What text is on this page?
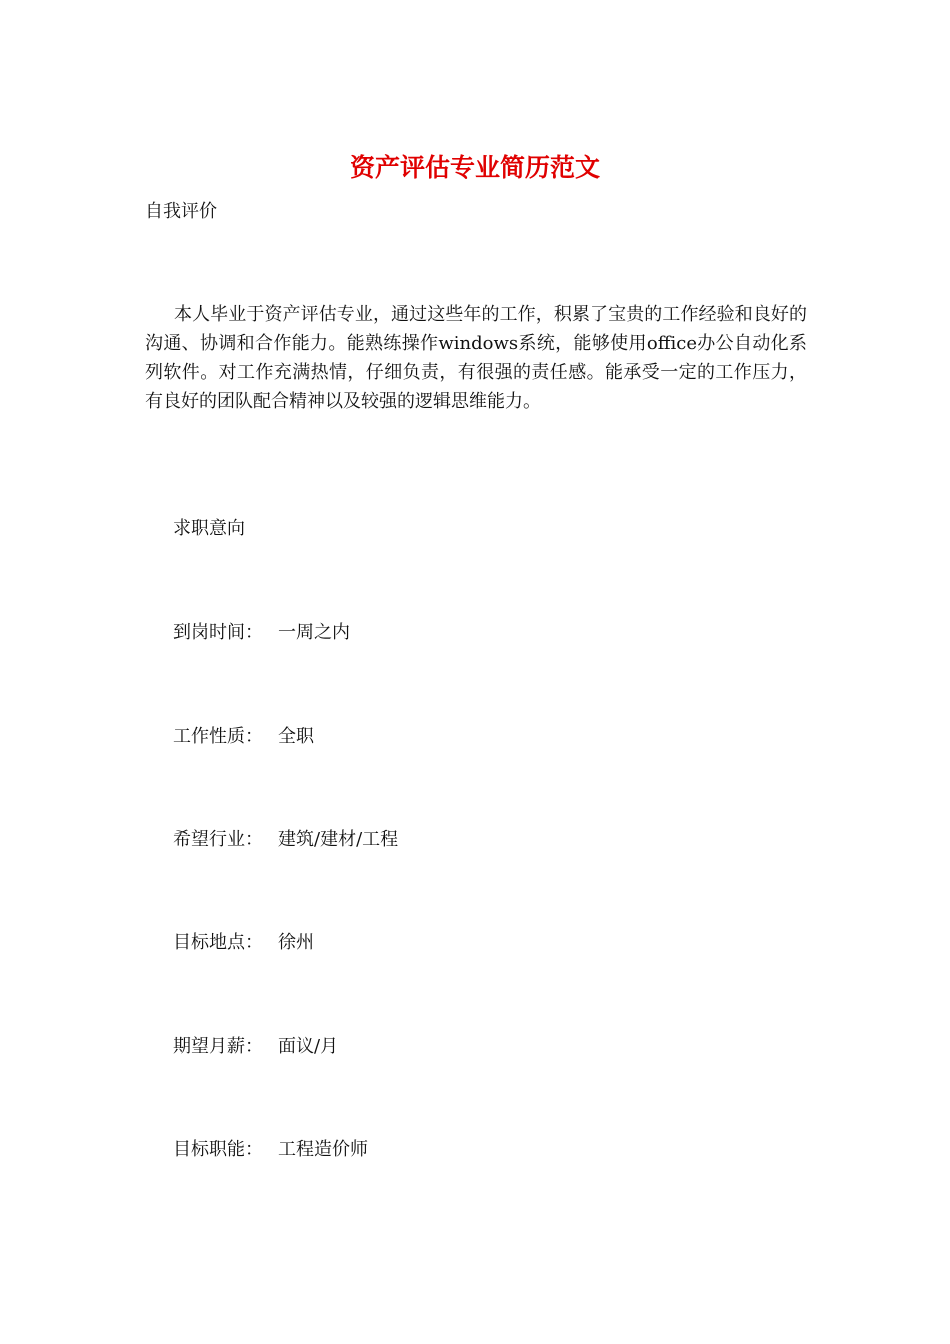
资产评估专业简历范文
自我评价

本人毕业于资产评估专业，通过这些年的工作，积累了宝贵的工作经验和良好的沟通、协调和合作能力。能熟练操作windows系统，能够使用office办公自动化系列软件。对工作充满热情，仔细负责，有很强的责任感。能承受一定的工作压力，有良好的团队配合精神以及较强的逻辑思维能力。

求职意向
到岗时间： 一周之内
工作性质： 全职
希望行业： 建筑/建材/工程
目标地点： 徐州
期望月薪： 面议/月
目标职能： 工程造价师
